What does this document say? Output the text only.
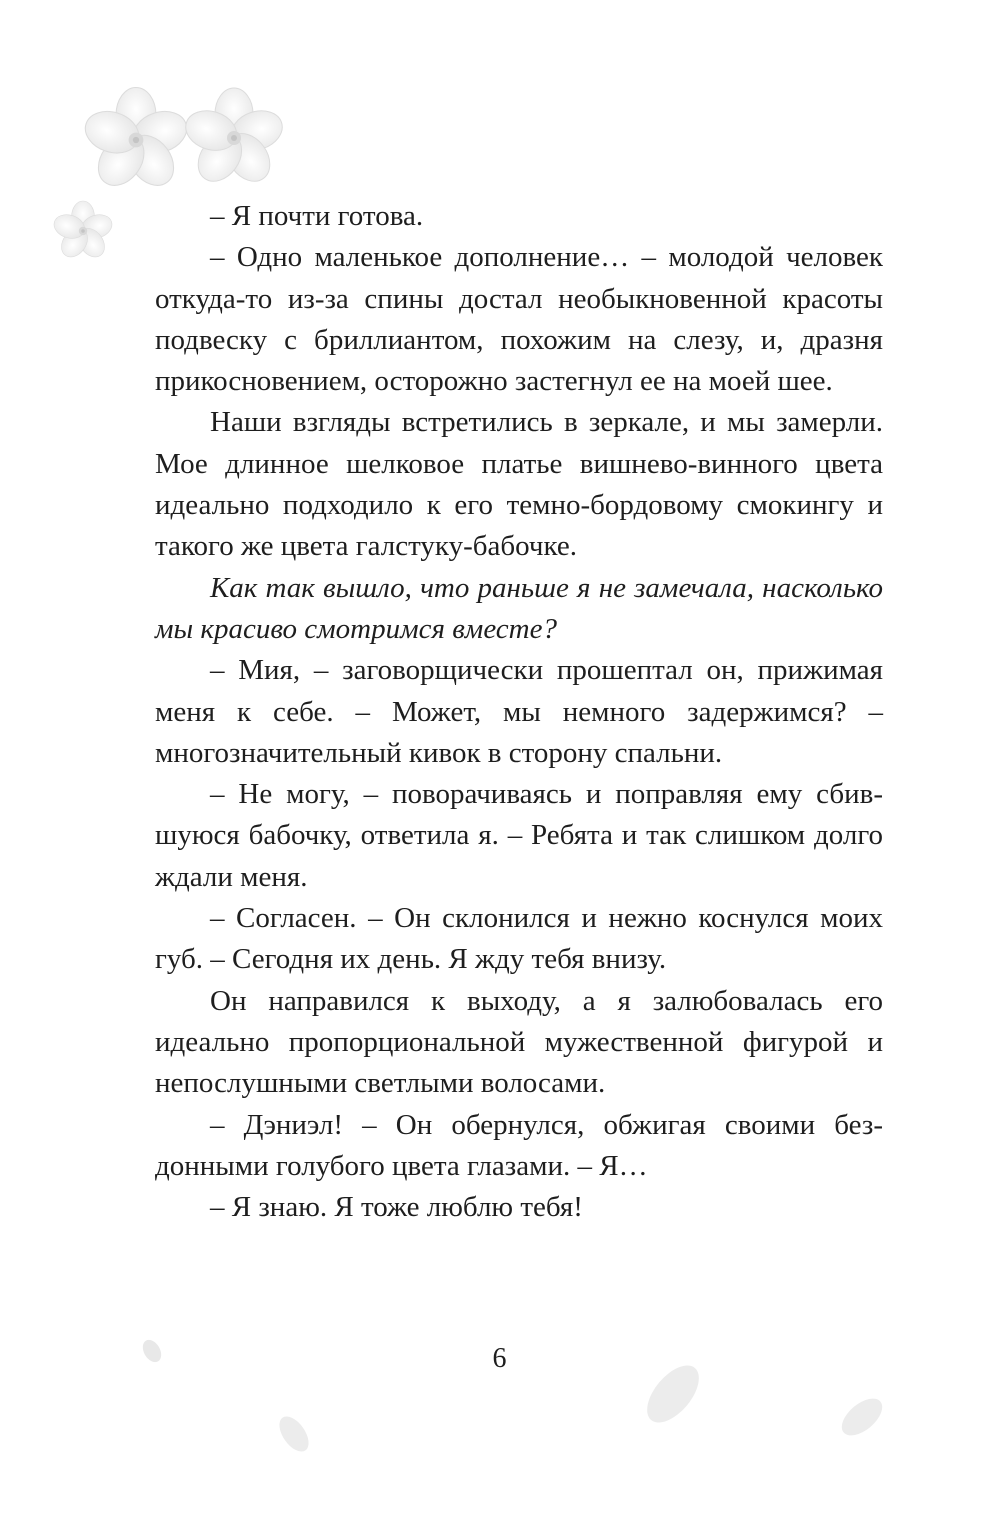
– Я почти готова.

– Одно маленькое дополнение… – молодой человек откуда-то из-за спины достал необыкновенной красоты подвеску с бриллиантом, похожим на слезу, и, дразня прикосновением, осторожно застегнул ее на моей шее.

Наши взгляды встретились в зеркале, и мы замерли. Мое длинное шелковое платье вишнево-винного цвета идеально подходило к его темно-бордовому смокингу и такого же цвета галстуку-бабочке.

Как так вышло, что раньше я не замечала, насколько мы красиво смотримся вместе?

– Мия, – заговорщически прошептал он, прижимая меня к себе. – Может, мы немного задержимся? – многозначительный кивок в сторону спальни.

– Не могу, – поворачиваясь и поправляя ему сбившуюся бабочку, ответила я. – Ребята и так слишком долго ждали меня.

– Согласен. – Он склонился и нежно коснулся моих губ. – Сегодня их день. Я жду тебя внизу.

Он направился к выходу, а я залюбовалась его идеально пропорциональной мужественной фигурой и непослушными светлыми волосами.

– Дэниэл! – Он обернулся, обжигая своими бездонными голубого цвета глазами. – Я…

– Я знаю. Я тоже люблю тебя!

6
